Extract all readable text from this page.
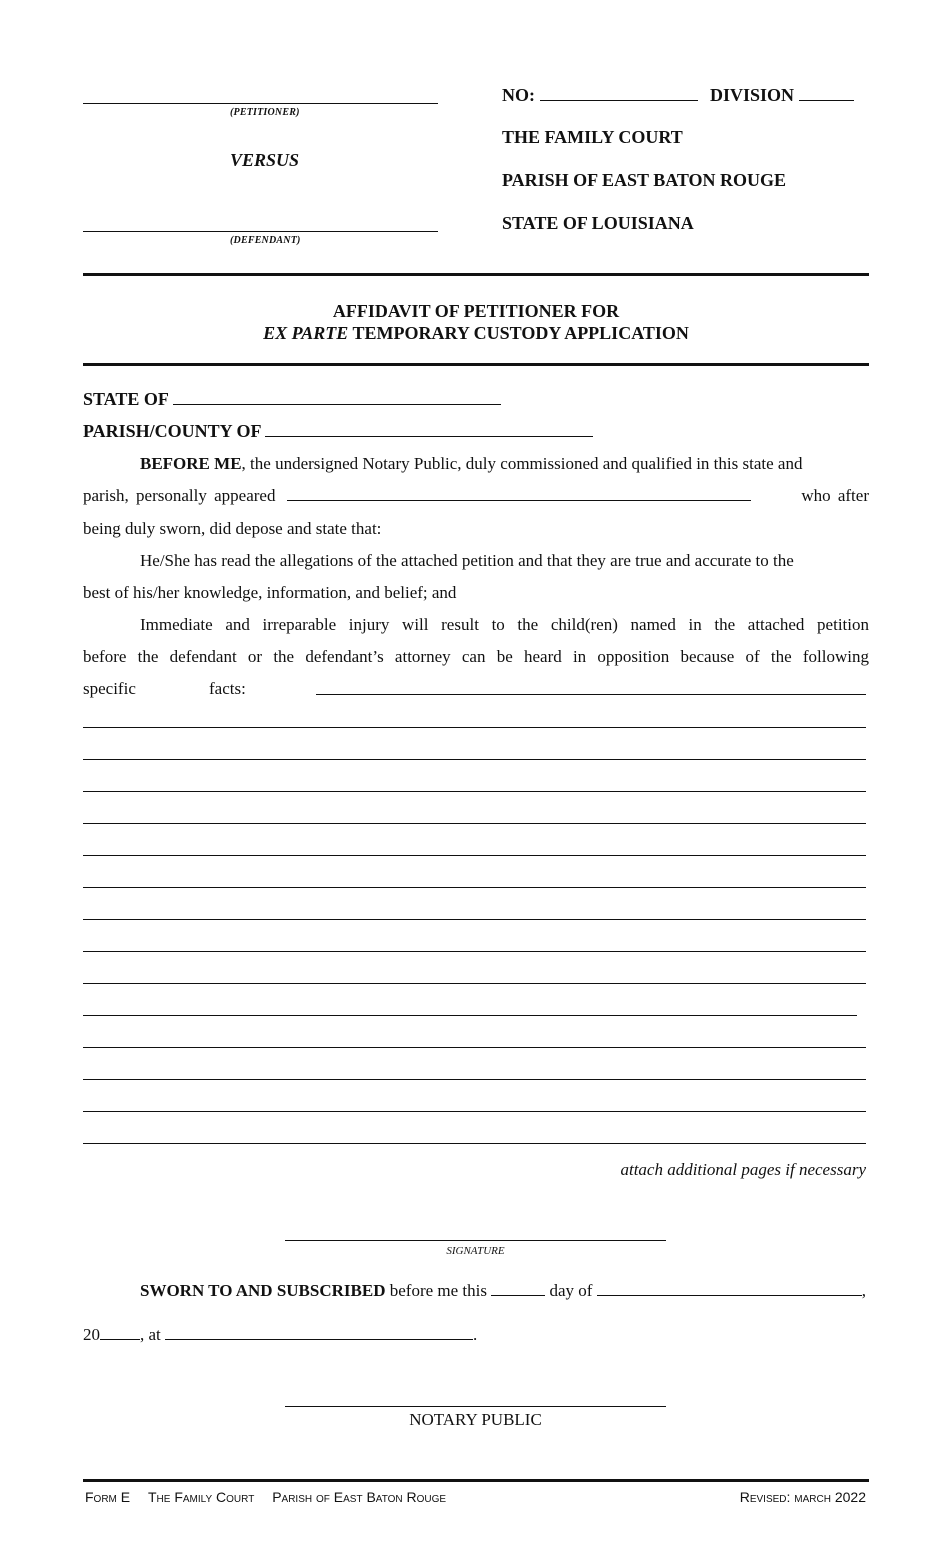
(PETITIONER)
VERSUS
(DEFENDANT)
NO:	DIVISION
THE FAMILY COURT
PARISH OF EAST BATON ROUGE
STATE OF LOUISIANA
AFFIDAVIT OF PETITIONER FOR
EX PARTE TEMPORARY CUSTODY APPLICATION
STATE OF
PARISH/COUNTY OF
BEFORE ME, the undersigned Notary Public, duly commissioned and qualified in this state and
parish, personally appeared	who after
being duly sworn, did depose and state that:
He/She has read the allegations of the attached petition and that they are true and accurate to the
best of his/her knowledge, information, and belief; and
Immediate and irreparable injury will result to the child(ren) named in the attached petition
before the defendant or the defendant’s attorney can be heard in opposition because of the following
specific	facts:
attach additional pages if necessary
SIGNATURE
SWORN TO AND SUBSCRIBED before me this	day of	,
20 , at	.
NOTARY PUBLIC
Form E The Family Court Parish of East Baton Rouge	Revised: march 2022
